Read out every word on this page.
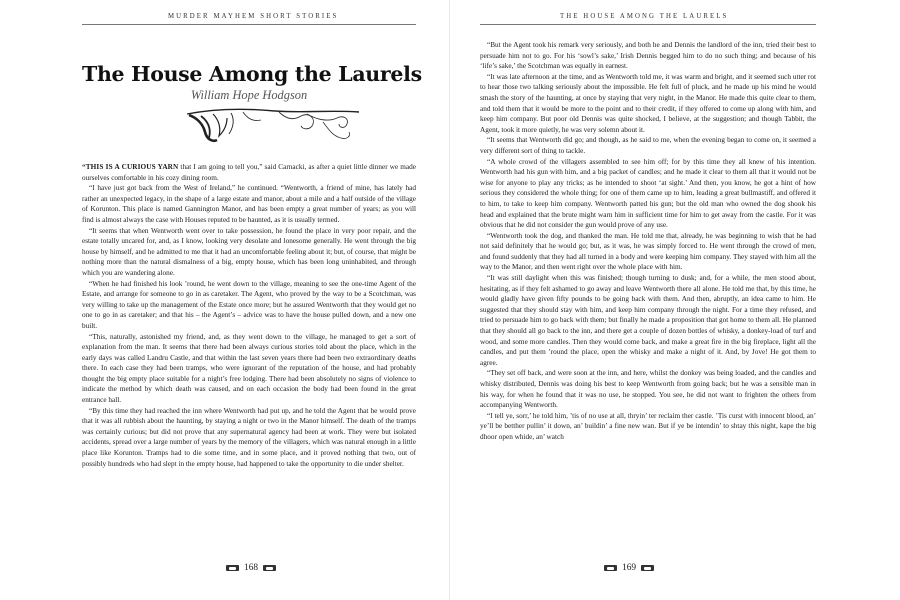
MURDER MAYHEM SHORT STORIES
The House Among the Laurels
William Hope Hodgson

“THIS IS A CURIOUS YARN that I am going to tell you,” said Carnacki, as after a quiet little dinner we made ourselves comfortable in his cozy dining room.

“I have just got back from the West of Ireland,” he continued. “Wentworth, a friend of mine, has lately had rather an unexpected legacy, in the shape of a large estate and manor, about a mile and a half outside of the village of Korunton. This place is named Gannington Manor, and has been empty a great number of years; as you will find is almost always the case with Houses reputed to be haunted, as it is usually termed.

“It seems that when Wentworth went over to take possession, he found the place in very poor repair, and the estate totally uncared for, and, as I know, looking very desolate and lonesome generally. He went through the big house by himself, and he admitted to me that it had an uncomfortable feeling about it; but, of course, that might be nothing more than the natural dismalness of a big, empty house, which has been long uninhabited, and through which you are wandering alone.

“When he had finished his look ’round, he went down to the village, meaning to see the one-time Agent of the Estate, and arrange for someone to go in as caretaker. The Agent, who proved by the way to be a Scotchman, was very willing to take up the management of the Estate once more; but he assured Wentworth that they would get no one to go in as caretaker; and that his – the Agent’s – advice was to have the house pulled down, and a new one built.

“This, naturally, astonished my friend, and, as they went down to the village, he managed to get a sort of explanation from the man. It seems that there had been always curious stories told about the place, which in the early days was called Landru Castle, and that within the last seven years there had been two extraordinary deaths there. In each case they had been tramps, who were ignorant of the reputation of the house, and had probably thought the big empty place suitable for a night’s free lodging. There had been absolutely no signs of violence to indicate the method by which death was caused, and on each occasion the body had been found in the great entrance hall.

“By this time they had reached the inn where Wentworth had put up, and he told the Agent that he would prove that it was all rubbish about the haunting, by staying a night or two in the Manor himself. The death of the tramps was certainly curious; but did not prove that any supernatural agency had been at work. They were but isolated accidents, spread over a large number of years by the memory of the villagers, which was natural enough in a little place like Korunton. Tramps had to die some time, and in some place, and it proved nothing that two, out of possibly hundreds who had slept in the empty house, had happened to take the opportunity to die under shelter.

168
THE HOUSE AMONG THE LAURELS

“But the Agent took his remark very seriously, and both he and Dennis the landlord of the inn, tried their best to persuade him not to go. For his ‘sowl’s sake,’ Irish Dennis begged him to do no such thing; and because of his ‘life’s sake,’ the Scotchman was equally in earnest.

“It was late afternoon at the time, and as Wentworth told me, it was warm and bright, and it seemed such utter rot to hear those two talking seriously about the impossible. He felt full of pluck, and he made up his mind he would smash the story of the haunting, at once by staying that very night, in the Manor. He made this quite clear to them, and told them that it would be more to the point and to their credit, if they offered to come up along with him, and keep him company. But poor old Dennis was quite shocked, I believe, at the suggestion; and though Tabbit, the Agent, took it more quietly, he was very solemn about it.

“It seems that Wentworth did go; and though, as he said to me, when the evening began to come on, it seemed a very different sort of thing to tackle.

“A whole crowd of the villagers assembled to see him off; for by this time they all knew of his intention. Wentworth had his gun with him, and a big packet of candles; and he made it clear to them all that it would not be wise for anyone to play any tricks; as he intended to shoot ‘at sight.’ And then, you know, he got a hint of how serious they considered the whole thing; for one of them came up to him, leading a great bullmastiff, and offered it to him, to take to keep him company. Wentworth patted his gun; but the old man who owned the dog shook his head and explained that the brute might warn him in sufficient time for him to get away from the castle. For it was obvious that he did not consider the gun would prove of any use.

“Wentworth took the dog, and thanked the man. He told me that, already, he was beginning to wish that he had not said definitely that he would go; but, as it was, he was simply forced to. He went through the crowd of men, and found suddenly that they had all turned in a body and were keeping him company. They stayed with him all the way to the Manor, and then went right over the whole place with him.

“It was still daylight when this was finished; though turning to dusk; and, for a while, the men stood about, hesitating, as if they felt ashamed to go away and leave Wentworth there all alone. He told me that, by this time, he would gladly have given fifty pounds to be going back with them. And then, abruptly, an idea came to him. He suggested that they should stay with him, and keep him company through the night. For a time they refused, and tried to persuade him to go back with them; but finally he made a proposition that got home to them all. He planned that they should all go back to the inn, and there get a couple of dozen bottles of whisky, a donkey-load of turf and wood, and some more candles. Then they would come back, and make a great fire in the big fireplace, light all the candles, and put them ’round the place, open the whisky and make a night of it. And, by Jove! He got them to agree.

“They set off back, and were soon at the inn, and here, whilst the donkey was being loaded, and the candles and whisky distributed, Dennis was doing his best to keep Wentworth from going back; but he was a sensible man in his way, for when he found that it was no use, he stopped. You see, he did not want to frighten the others from accompanying Wentworth.

“I tell ye, sorr,’ he told him, ’tis of no use at all, thryin’ ter reclaim ther castle. ’Tis curst with innocent blood, an’ ye’ll be betther pullin’ it down, an’ buildin’ a fine new wan. But if ye be intendin’ to shtay this night, kape the big dhoor open whide, an’ watch

169
